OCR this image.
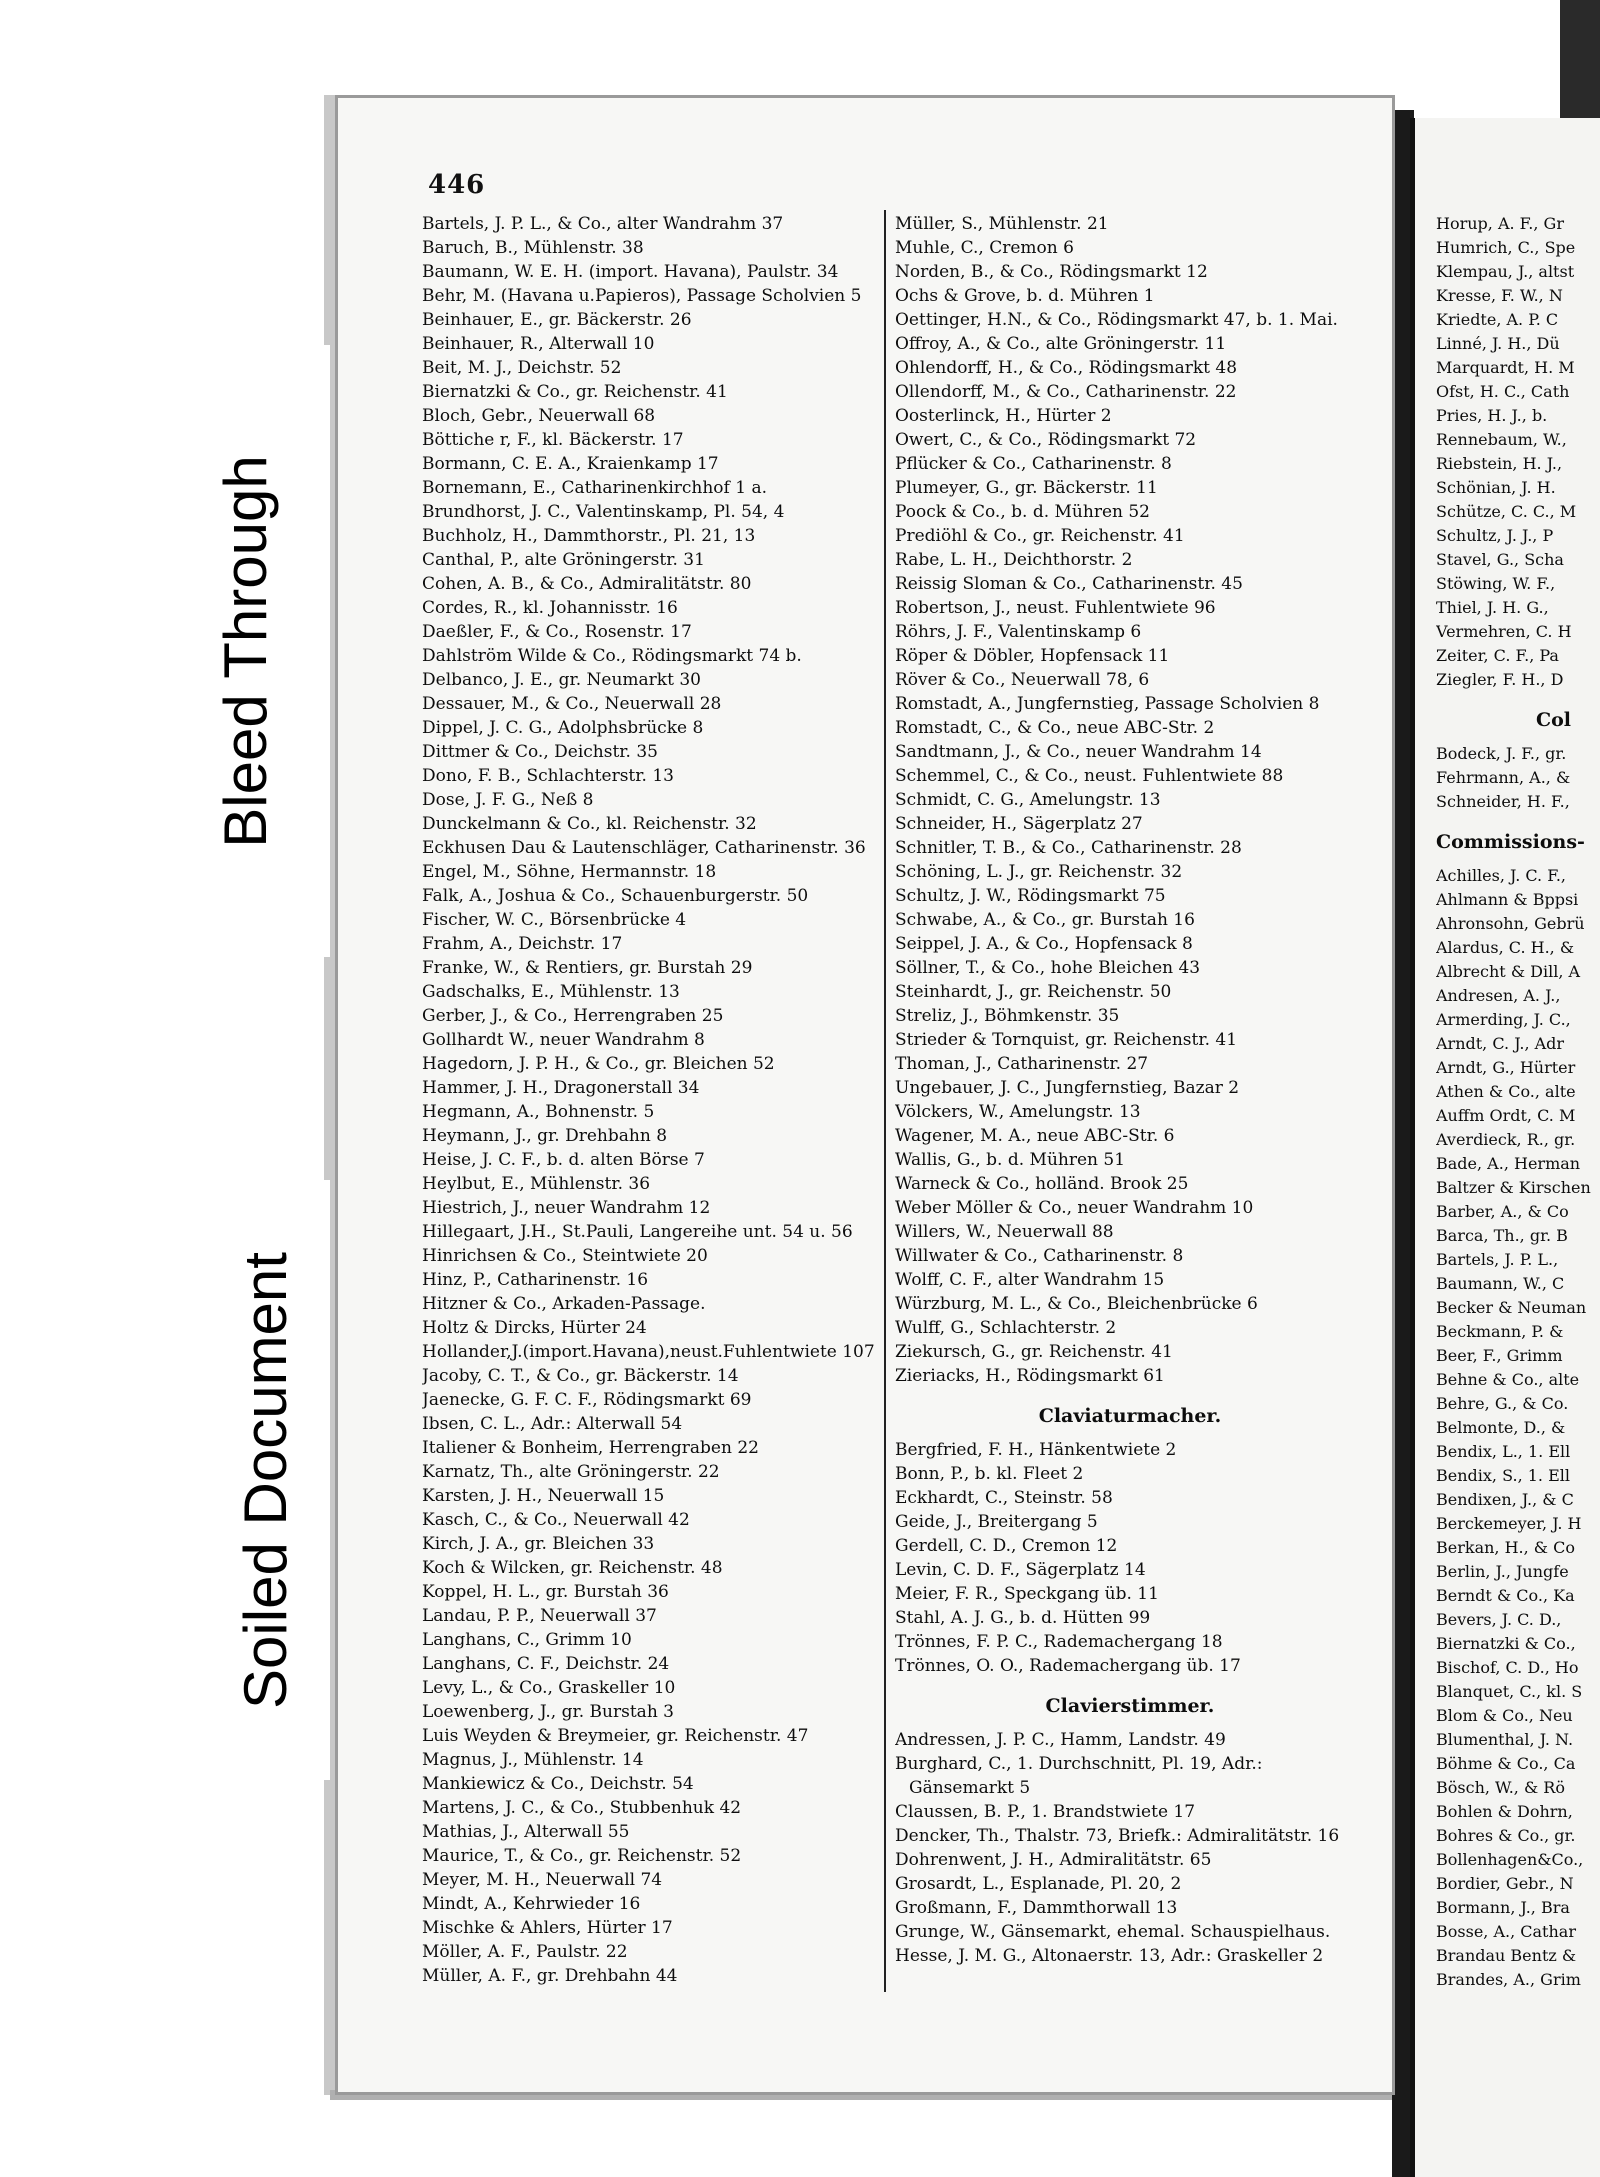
446
Bartels, J. P. L., & Co., alter Wandrahm 37
Baruch, B., Mühlenstr. 38
Baumann, W. E. H. (import. Havana), Paulstr. 34
Behr, M. (Havana u.Papieros), Passage Scholvien 5
Beinhauer, E., gr. Bäckerstr. 26
Beinhauer, R., Alterwall 10
Beit, M. J., Deichstr. 52
Biernatzki & Co., gr. Reichenstr. 41
Bloch, Gebr., Neuerwall 68
Böttiche r, F., kl. Bäckerstr. 17
Bormann, C. E. A., Kraienkamp 17
Bornemann, E., Catharinenkirchhof 1 a.
Brundhorst, J. C., Valentinskamp, Pl. 54, 4
Buchholz, H., Dammthorstr., Pl. 21, 13
Canthal, P., alte Gröningerstr. 31
Cohen, A. B., & Co., Admiralitätstr. 80
Cordes, R., kl. Johannisstr. 16
Daeßler, F., & Co., Rosenstr. 17
Dahlström Wilde & Co., Rödingsmarkt 74 b.
Delbanco, J. E., gr. Neumarkt 30
Dessauer, M., & Co., Neuerwall 28
Dippel, J. C. G., Adolphsbrücke 8
Dittmer & Co., Deichstr. 35
Dono, F. B., Schlachterstr. 13
Dose, J. F. G., Neß 8
Dunckelmann & Co., kl. Reichenstr. 32
Eckhusen Dau & Lautenschläger, Catharinenstr. 36
Engel, M., Söhne, Hermannstr. 18
Falk, A., Joshua & Co., Schauenburgerstr. 50
Fischer, W. C., Börsenbrücke 4
Frahm, A., Deichstr. 17
Franke, W., & Rentiers, gr. Burstah 29
Gadschalks, E., Mühlenstr. 13
Gerber, J., & Co., Herrengraben 25
Gollhardt W., neuer Wandrahm 8
Hagedorn, J. P. H., & Co., gr. Bleichen 52
Hammer, J. H., Dragonerstall 34
Hegmann, A., Bohnenstr. 5
Heymann, J., gr. Drehbahn 8
Heise, J. C. F., b. d. alten Börse 7
Heylbut, E., Mühlenstr. 36
Hiestrich, J., neuer Wandrahm 12
Hillegaart, J.H., St.Pauli, Langereihe unt. 54 u. 56
Hinrichsen & Co., Steintwiete 20
Hinz, P., Catharinenstr. 16
Hitzner & Co., Arkaden-Passage.
Holtz & Dircks, Hürter 24
Hollander,J.(import.Havana),neust.Fuhlentwiete 107
Jacoby, C. T., & Co., gr. Bäckerstr. 14
Jaenecke, G. F. C. F., Rödingsmarkt 69
Ibsen, C. L., Adr.: Alterwall 54
Italiener & Bonheim, Herrengraben 22
Karnatz, Th., alte Gröningerstr. 22
Karsten, J. H., Neuerwall 15
Kasch, C., & Co., Neuerwall 42
Kirch, J. A., gr. Bleichen 33
Koch & Wilcken, gr. Reichenstr. 48
Koppel, H. L., gr. Burstah 36
Landau, P. P., Neuerwall 37
Langhans, C., Grimm 10
Langhans, C. F., Deichstr. 24
Levy, L., & Co., Graskeller 10
Loewenberg, J., gr. Burstah 3
Luis Weyden & Breymeier, gr. Reichenstr. 47
Magnus, J., Mühlenstr. 14
Mankiewicz & Co., Deichstr. 54
Martens, J. C., & Co., Stubbenhuk 42
Mathias, J., Alterwall 55
Maurice, T., & Co., gr. Reichenstr. 52
Meyer, M. H., Neuerwall 74
Mindt, A., Kehrwieder 16
Mischke & Ahlers, Hürter 17
Möller, A. F., Paulstr. 22
Müller, A. F., gr. Drehbahn 44
Müller, S., Mühlenstr. 21
Muhle, C., Cremon 6
Norden, B., & Co., Rödingsmarkt 12
Ochs & Grove, b. d. Mühren 1
Oettinger, H.N., & Co., Rödingsmarkt 47, b. 1. Mai.
Offroy, A., & Co., alte Gröningerstr. 11
Ohlendorff, H., & Co., Rödingsmarkt 48
Ollendorff, M., & Co., Catharinenstr. 22
Oosterlinck, H., Hürter 2
Owert, C., & Co., Rödingsmarkt 72
Pflücker & Co., Catharinenstr. 8
Plumeyer, G., gr. Bäckerstr. 11
Poock & Co., b. d. Mühren 52
Prediöhl & Co., gr. Reichenstr. 41
Rabe, L. H., Deichthorstr. 2
Reissig Sloman & Co., Catharinenstr. 45
Robertson, J., neust. Fuhlentwiete 96
Röhrs, J. F., Valentinskamp 6
Röper & Döbler, Hopfensack 11
Röver & Co., Neuerwall 78, 6
Romstadt, A., Jungfernstieg, Passage Scholvien 8
Romstadt, C., & Co., neue ABC-Str. 2
Sandtmann, J., & Co., neuer Wandrahm 14
Schemmel, C., & Co., neust. Fuhlentwiete 88
Schmidt, C. G., Amelungstr. 13
Schneider, H., Sägerplatz 27
Schnitler, T. B., & Co., Catharinenstr. 28
Schöning, L. J., gr. Reichenstr. 32
Schultz, J. W., Rödingsmarkt 75
Schwabe, A., & Co., gr. Burstah 16
Seippel, J. A., & Co., Hopfensack 8
Söllner, T., & Co., hohe Bleichen 43
Steinhardt, J., gr. Reichenstr. 50
Streliz, J., Böhmkenstr. 35
Strieder & Tornquist, gr. Reichenstr. 41
Thoman, J., Catharinenstr. 27
Ungebauer, J. C., Jungfernstieg, Bazar 2
Völckers, W., Amelungstr. 13
Wagener, M. A., neue ABC-Str. 6
Wallis, G., b. d. Mühren 51
Warneck & Co., holländ. Brook 25
Weber Möller & Co., neuer Wandrahm 10
Willers, W., Neuerwall 88
Willwater & Co., Catharinenstr. 8
Wolff, C. F., alter Wandrahm 15
Würzburg, M. L., & Co., Bleichenbrücke 6
Wulff, G., Schlachterstr. 2
Ziekursch, G., gr. Reichenstr. 41
Zieriacks, H., Rödingsmarkt 61
Claviaturmacher.
Bergfried, F. H., Hänkentwiete 2
Bonn, P., b. kl. Fleet 2
Eckhardt, C., Steinstr. 58
Geide, J., Breitergang 5
Gerdell, C. D., Cremon 12
Levin, C. D. F., Sägerplatz 14
Meier, F. R., Speckgang üb. 11
Stahl, A. J. G., b. d. Hütten 99
Trönnes, F. P. C., Rademachergang 18
Trönnes, O. O., Rademachergang üb. 17
Clavierstimmer.
Andressen, J. P. C., Hamm, Landstr. 49
Burghard, C., 1. Durchschnitt, Pl. 19, Adr.:
Gänsemarkt 5
Claussen, B. P., 1. Brandstwiete 17
Dencker, Th., Thalstr. 73, Briefk.: Admiralitätstr. 16
Dohrenwent, J. H., Admiralitätstr. 65
Grosardt, L., Esplanade, Pl. 20, 2
Großmann, F., Dammthorwall 13
Grunge, W., Gänsemarkt, ehemal. Schauspielhaus.
Hesse, J. M. G., Altonaerstr. 13, Adr.: Graskeller 2
Horup, A. F., Gr
Humrich, C., Spe
Klempau, J., altst
Kresse, F. W., N
Kriedte, A. P. C
Linné, J. H., Dü
Marquardt, H. M
Ofst, H. C., Cath
Pries, H. J., b.
Rennebaum, W.,
Riebstein, H. J.,
Schönian, J. H.
Schütze, C. C., M
Schultz, J. J., P
Stavel, G., Scha
Stöwing, W. F.,
Thiel, J. H. G.,
Vermehren, C. H
Zeiter, C. F., Pa
Ziegler, F. H., D
Col
Bodeck, J. F., gr.
Fehrmann, A., &
Schneider, H. F.,
Commissions-
Achilles, J. C. F.,
Ahlmann & Bppsi
Ahronsohn, Gebrü
Alardus, C. H., &
Albrecht & Dill, A
Andresen, A. J.,
Armerding, J. C.,
Arndt, C. J., Adr
Arndt, G., Hürter
Athen & Co., alte
Auffm Ordt, C. M
Averdieck, R., gr.
Bade, A., Herman
Baltzer & Kirschen
Barber, A., & Co
Barca, Th., gr. B
Bartels, J. P. L.,
Baumann, W., C
Becker & Neuman
Beckmann, P. &
Beer, F., Grimm
Behne & Co., alte
Behre, G., & Co.
Belmonte, D., &
Bendix, L., 1. Ell
Bendix, S., 1. Ell
Bendixen, J., & C
Berckemeyer, J. H
Berkan, H., & Co
Berlin, J., Jungfe
Berndt & Co., Ka
Bevers, J. C. D.,
Biernatzki & Co.,
Bischof, C. D., Ho
Blanquet, C., kl. S
Blom & Co., Neu
Blumenthal, J. N.
Böhme & Co., Ca
Bösch, W., & Rö
Bohlen & Dohrn,
Bohres & Co., gr.
Bollenhagen&Co.,
Bordier, Gebr., N
Bormann, J., Bra
Bosse, A., Cathar
Brandau Bentz &
Brandes, A., Grim
Bleed Through
Soiled Document
